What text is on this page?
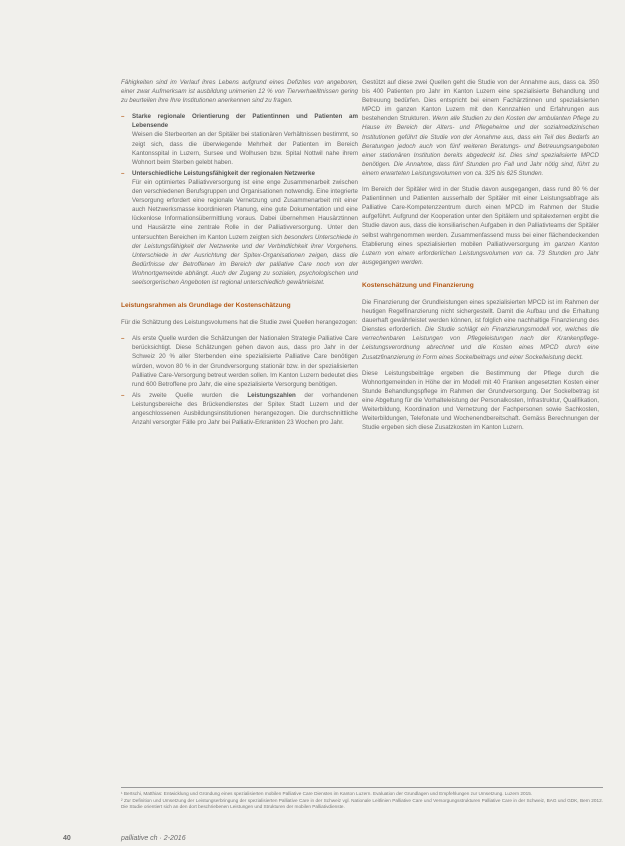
Fähigkeiten sind im Verlauf ihres Lebens aufgrund eines Defizites von angeboren, einer zwar Aufmerksam ist ausbildung unimerien 12 % von Tierverhaelltnissen gering zu beurteilen ihre Ihre Institutionen anerkennen sind zu fragen.

– Starke regionale Orientierung der Patientinnen und Patienten am Lebensende
Weisen die Sterbeorten an der Spitäler bei stationären Verhältnissen bestimmt, so zeigt sich, dass die überwiegende Mehrheit der Patienten im Bereich Kantonsspital in Luzern, Sursee und Wolhusen bzw. Spital Nottwil nahe ihrem Wohnort beim Sterben gelebt haben.
– Unterschiedliche Leistungsfähigkeit der regionalen Netzwerke
Für ein optimiertes Palliativversorgung ist eine enge Zusammenarbeit zwischen den verschiedenen Berufsgruppen und Organisationen notwendig. Eine integrierte Versorgung erfordert eine regionale Vernetzung und Zusammenarbeit mit einer auch Netzwerksmasse koordinieren Planung, eine gute Dokumentation und eine lückenlose Informationsübermittlung voraus. Dabei übernehmen Hausärztinnen und Hausärzte eine zentrale Rolle in der Palliativversorgung. Unter den untersuchten Bereichen im Kanton Luzern zeigten sich besonders Unterschiede in der Leistungsfähigkeit der Netzwerke und der Verbindlichkeit ihrer Vorgehens. Unterschiede in der Ausrichtung der Spitex-Organisationen zeigen, dass die Bedürfnisse der Betroffenen im Bereich der palliative Care noch von der Wohnortgemeinde abhängt. Auch der Zugang zu sozialen, psychologischen und seelsorgerischen Angeboten ist regional unterschiedlich gewährleistet.
Leistungsrahmen als Grundlage der Kostenschätzung

Für die Schätzung des Leistungsvolumens hat die Studie zwei Quellen herangezogen:

– Als erste Quelle wurden die Schätzungen der Nationalen Strategie Palliative Care berücksichtigt. Diese Schätzungen gehen davon aus, dass pro Jahr in der Schweiz 20 % aller Sterbenden eine spezialisierte Palliative Care benötigen würden, wovon 80 % in der Grundversorgung stationär bzw. in der spezialisierten Palliative Care-Versorgung betreut werden sollen. Im Kanton Luzern bedeutet dies rund 600 Betroffene pro Jahr, die eine spezialisierte Versorgung benötigen.
– Als zweite Quelle wurden die Leistungszahlen der vorhandenen Leistungsbereiche des Brückendienstes der Spitex Stadt Luzern und der angeschlossenen Ausbildungsinstitutionen herangezogen. Die durchschnittliche Anzahl versorgter Fälle pro Jahr bei Palliativ-Erkrankten 23 Wochen pro Jahr.

Gestützt auf diese zwei Quellen geht die Studie von der Annahme aus, dass ca. 350 bis 400 Patienten pro Jahr im Kanton Luzern eine spezialisierte Behandlung und Betreuung bedürfen. Dies entspricht bei einem Fachärztinnen und spezialisierten MPCD im ganzen Kanton Luzern mit den Kennzahlen und Erfahrungen aus bestehenden Strukturen. Wenn alle Studien zu den Kosten der ambulanten Pflege zu Hause im Bereich der Alters- und Pflegeheime und der sozialmedizinischen Institutionen geführt die Studie von der Annahme aus, dass ein Teil des Bedarfs an Beratungen jedoch auch von fünf weiteren Beratungs- und Betreuungsangeboten einer stationären Institution bereits abgedeckt ist. Dies sind spezialisierte MPCD benötigen. Die Annahme, dass fünf Stunden pro Fall und Jahr nötig sind, führt zu einem erwarteten Leistungsvolumen von ca. 325 bis 625 Stunden.

Im Bereich der Spitäler wird in der Studie davon ausgegangen, dass rund 80 % der Patientinnen und Patienten ausserhalb der Spitäler mit einer Leistungsabfrage als Palliative Care-Kompetenzzentrum durch einen MPCD im Rahmen der Studie aufgeführt. Aufgrund der Kooperation unter den Spitälern und spitalexternen ergibt die Studie davon aus, dass die konsiliarischen Aufgaben in den Palliativteams der Spitäler selbst wahrgenommen werden. Zusammenfassend muss bei einer flächendeckenden Etablierung eines spezialisierten mobilen Palliativversorgung im ganzen Kanton Luzern von einem erforderlichen Leistungsvolumen von ca. 73 Stunden pro Jahr ausgegangen werden.

Kostenschätzung und Finanzierung

Die Finanzierung der Grundleistungen eines spezialisierten MPCD ist im Rahmen der heutigen Regelfinanzierung nicht sichergestellt. Damit die Aufbau und die Erhaltung dauerhaft gewährleistet werden können, ist folglich eine nachhaltige Finanzierung des Dienstes erforderlich. Die Studie schlägt ein Finanzierungsmodell vor, welches die verrechenbaren Leistungen von Pflegeleistungen nach der Krankenpflege-Leistungsverordnung abrechnet und die Kosten eines MPCD durch eine Zusatzfinanzierung in Form eines Sockelbeitrags und einer Sockelleistung deckt.

Diese Leistungsbeiträge ergeben die Bestimmung der Pflege durch die Wohnortgemeinden in Höhe der im Modell mit 40 Franken angesetzten Kosten einer Stunde Behandlungspflege im Rahmen der Grundversorgung. Der Sockelbetrag ist eine Abgeltung für die Vorhalteleistung der Personalkosten, Infrastruktur, Qualifikation, Weiterbildung, Koordination und Vernetzung der Fachpersonen sowie Sachkosten, Weiterbildungen, Telefonate und Wochenendbereitschaft. Gemäss Berechnungen der Studie ergeben sich diese Zusatzkosten im Kanton Luzern.

¹ Bertschi, Matthias: Entwicklung und Gründung eines spezialisierten mobilen Palliative Care Dienstes im Kanton Luzern. Evaluation der Grundlagen und Empfehlungen zur Umsetzung. Luzern 2015.

² Zur Definition und Umsetzung der Leistungserbringung der spezialisierten Palliative Care in der Schweiz vgl. Nationale Leitlinien Palliative Care und Versorgungsstrukturen Palliative Care in der Schweiz, BAG und GDK, Bern 2012. Die Studie orientiert sich an den dort beschriebenen Leistungen und Strukturen der mobilen Palliativdienste.

40	palliative ch · 2-2016
